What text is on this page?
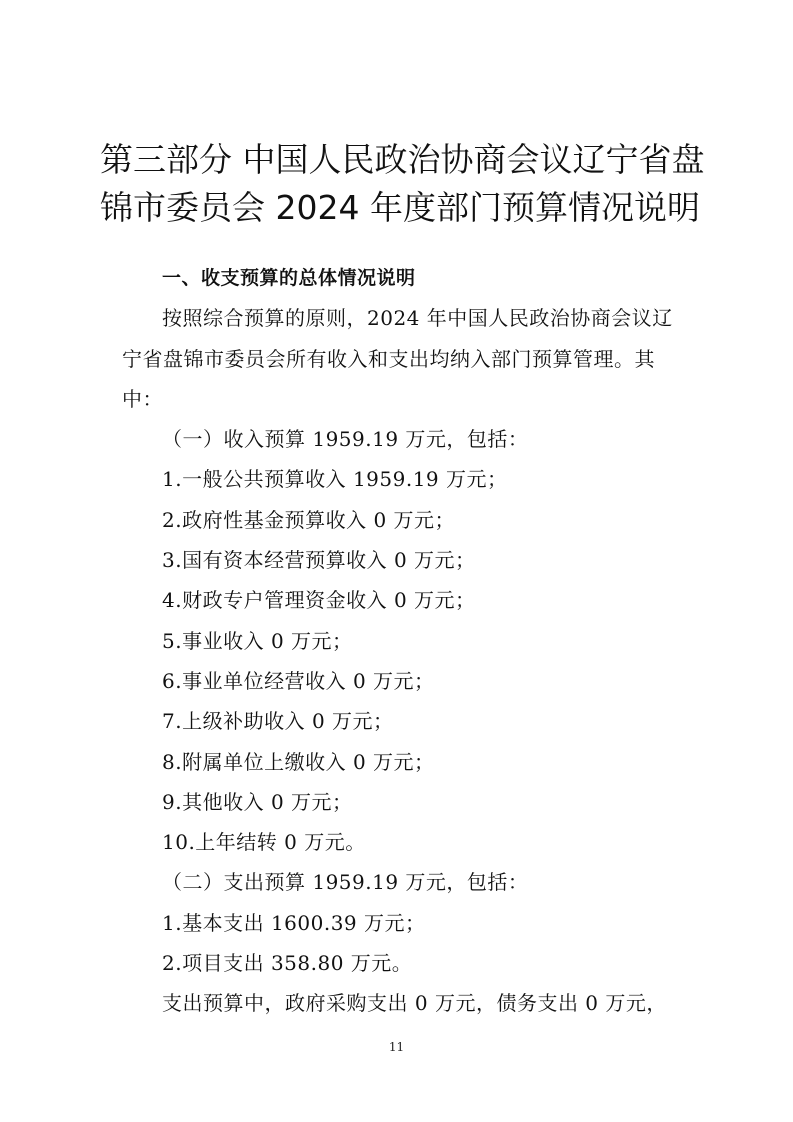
第三部分 中国人民政治协商会议辽宁省盘
锦市委员会 2024 年度部门预算情况说明
一、收支预算的总体情况说明
按照综合预算的原则，2024 年中国人民政治协商会议辽
宁省盘锦市委员会所有收入和支出均纳入部门预算管理。其
中：
（一）收入预算 1959.19 万元，包括：
1.一般公共预算收入 1959.19 万元；
2.政府性基金预算收入 0 万元；
3.国有资本经营预算收入 0 万元；
4.财政专户管理资金收入 0 万元；
5.事业收入 0 万元；
6.事业单位经营收入 0 万元；
7.上级补助收入 0 万元；
8.附属单位上缴收入 0 万元；
9.其他收入 0 万元；
10.上年结转 0 万元。
（二）支出预算 1959.19 万元，包括：
1.基本支出 1600.39 万元；
2.项目支出 358.80 万元。
支出预算中，政府采购支出 0 万元，债务支出 0 万元，
11
